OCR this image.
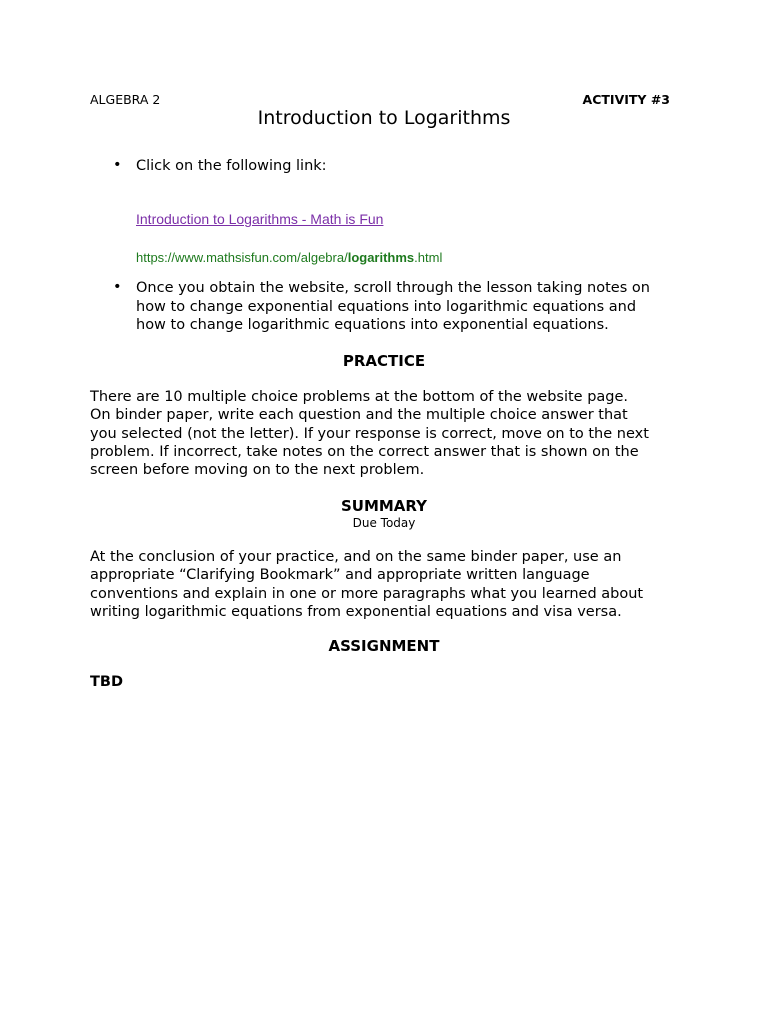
ALGEBRA 2	ACTIVITY #3
Introduction to Logarithms
• Click on the following link:
Introduction to Logarithms - Math is Fun
https://www.mathsisfun.com/algebra/logarithms.html
• Once you obtain the website, scroll through the lesson taking notes on
how to change exponential equations into logarithmic equations and
how to change logarithmic equations into exponential equations.
PRACTICE
There are 10 multiple choice problems at the bottom of the website page.
On binder paper, write each question and the multiple choice answer that
you selected (not the letter). If your response is correct, move on to the next
problem. If incorrect, take notes on the correct answer that is shown on the
screen before moving on to the next problem.
SUMMARY
Due Today
At the conclusion of your practice, and on the same binder paper, use an
appropriate “Clarifying Bookmark” and appropriate written language
conventions and explain in one or more paragraphs what you learned about
writing logarithmic equations from exponential equations and visa versa.
ASSIGNMENT
TBD
